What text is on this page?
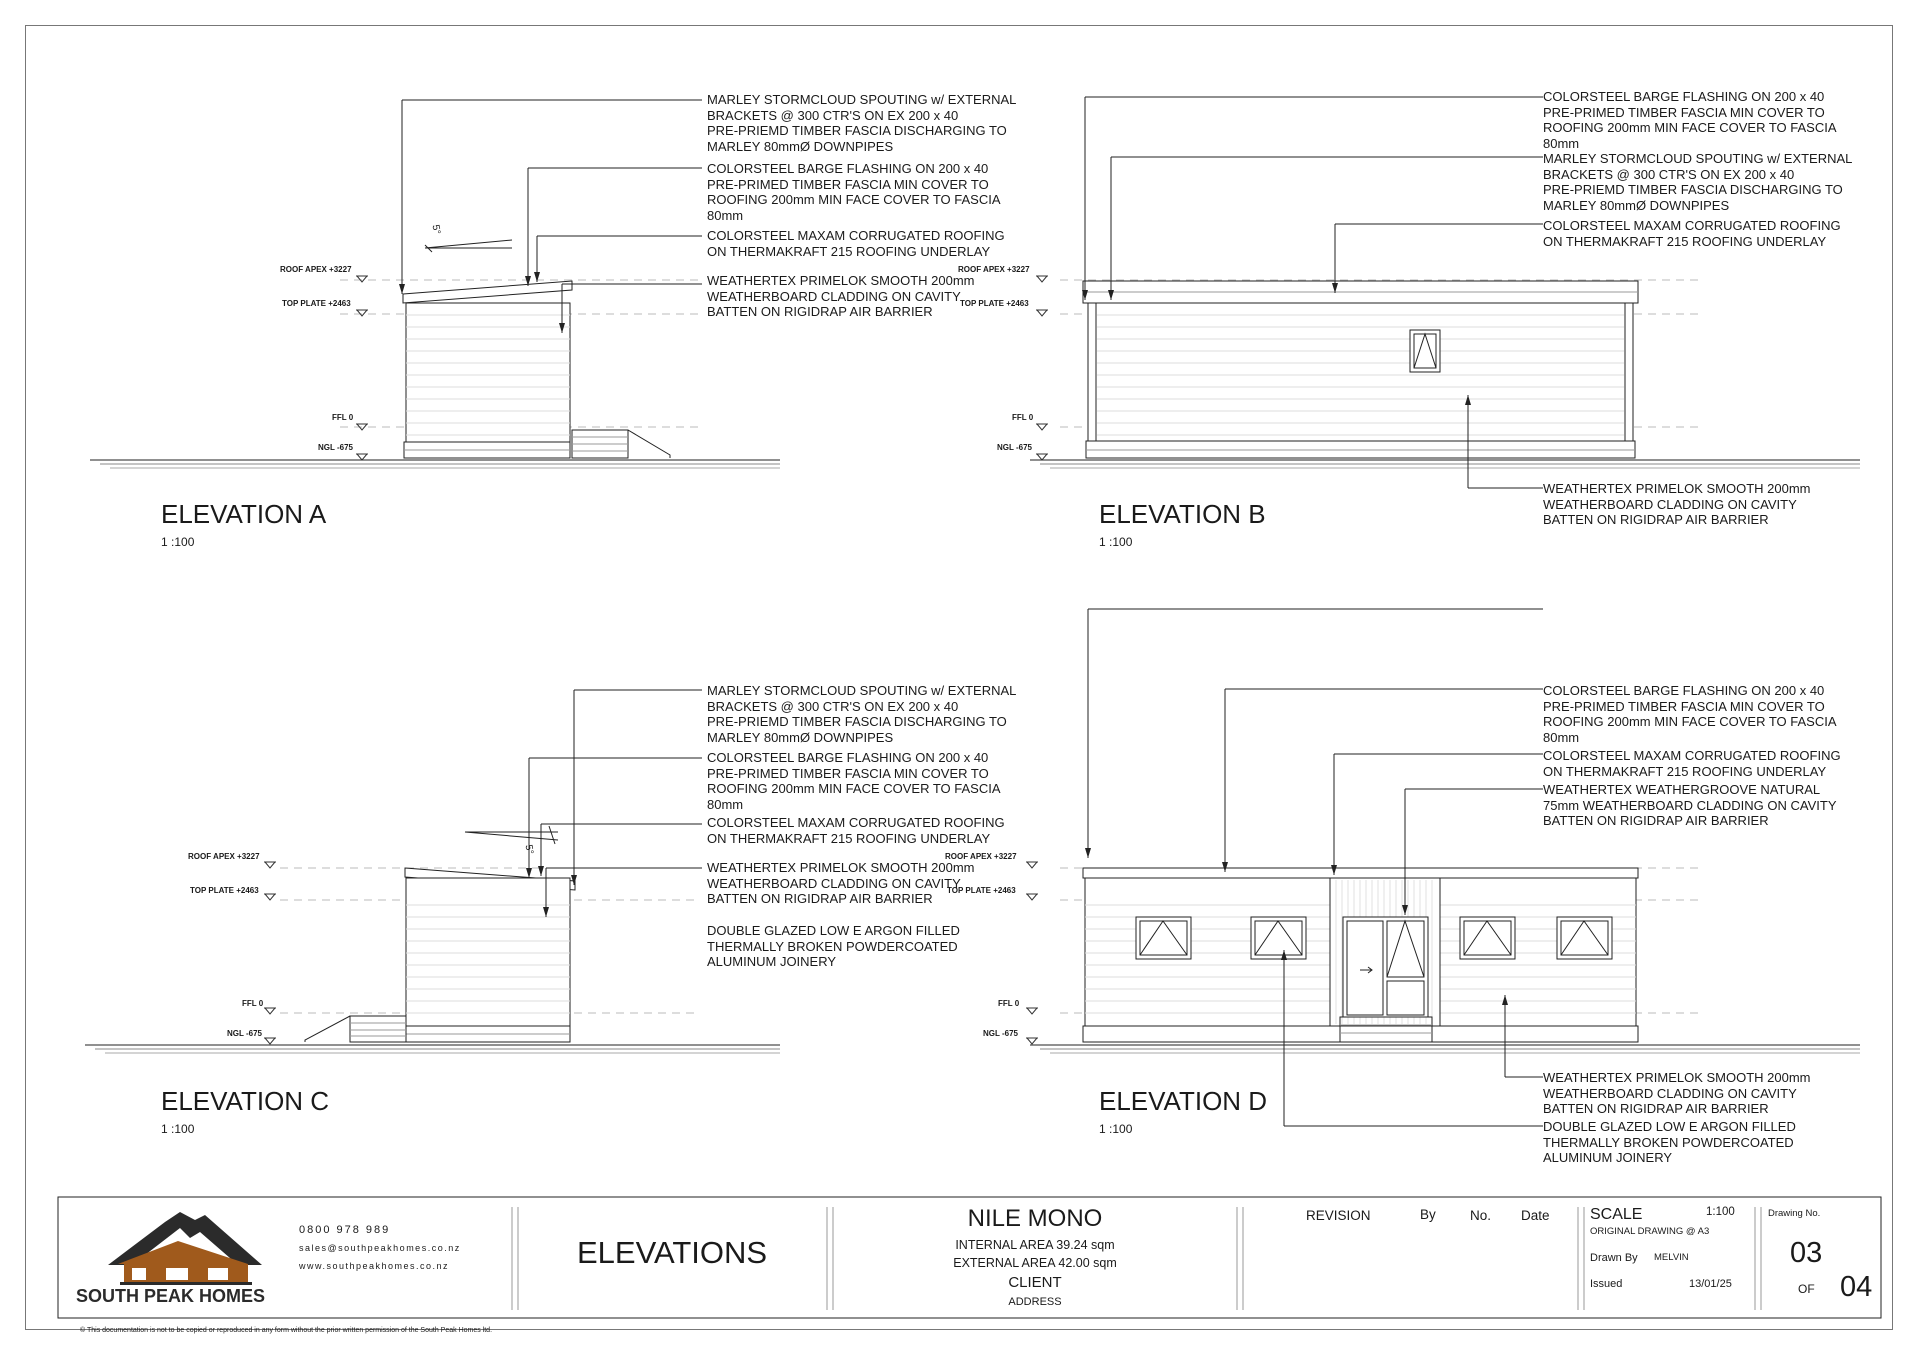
MARLEY STORMCLOUD SPOUTING w/ EXTERNAL
BRACKETS @ 300 CTR'S ON EX 200 x 40
PRE-PRIEMD TIMBER FASCIA DISCHARGING TO
MARLEY 80mmØ DOWNPIPES
COLORSTEEL BARGE FLASHING ON 200 x 40
PRE-PRIMED TIMBER FASCIA MIN COVER TO
ROOFING 200mm MIN FACE COVER TO FASCIA
80mm
COLORSTEEL MAXAM CORRUGATED ROOFING
ON THERMAKRAFT 215 ROOFING UNDERLAY
WEATHERTEX PRIMELOK SMOOTH 200mm
WEATHERBOARD CLADDING ON CAVITY
BATTEN ON RIGIDRAP AIR BARRIER
ROOF APEX +3227
TOP PLATE +2463
FFL 0
NGL -675
5°
ELEVATION A
1 :100
COLORSTEEL BARGE FLASHING ON 200 x 40
PRE-PRIMED TIMBER FASCIA MIN COVER TO
ROOFING 200mm MIN FACE COVER TO FASCIA
80mm
MARLEY STORMCLOUD SPOUTING w/ EXTERNAL
BRACKETS @ 300 CTR'S ON EX 200 x 40
PRE-PRIEMD TIMBER FASCIA DISCHARGING TO
MARLEY 80mmØ DOWNPIPES
COLORSTEEL MAXAM CORRUGATED ROOFING
ON THERMAKRAFT 215 ROOFING UNDERLAY
WEATHERTEX PRIMELOK SMOOTH 200mm
WEATHERBOARD CLADDING ON CAVITY
BATTEN ON RIGIDRAP AIR BARRIER
ROOF APEX +3227
TOP PLATE +2463
FFL 0
NGL -675
ELEVATION B
1 :100
MARLEY STORMCLOUD SPOUTING w/ EXTERNAL
BRACKETS @ 300 CTR'S ON EX 200 x 40
PRE-PRIEMD TIMBER FASCIA DISCHARGING TO
MARLEY 80mmØ DOWNPIPES
COLORSTEEL BARGE FLASHING ON 200 x 40
PRE-PRIMED TIMBER FASCIA MIN COVER TO
ROOFING 200mm MIN FACE COVER TO FASCIA
80mm
COLORSTEEL MAXAM CORRUGATED ROOFING
ON THERMAKRAFT 215 ROOFING UNDERLAY
WEATHERTEX PRIMELOK SMOOTH 200mm
WEATHERBOARD CLADDING ON CAVITY
BATTEN ON RIGIDRAP AIR BARRIER
DOUBLE GLAZED LOW E ARGON FILLED
THERMALLY BROKEN POWDERCOATED
ALUMINUM JOINERY
ROOF APEX +3227
TOP PLATE +2463
FFL 0
NGL -675
5°
ELEVATION C
1 :100
COLORSTEEL BARGE FLASHING ON 200 x 40
PRE-PRIMED TIMBER FASCIA MIN COVER TO
ROOFING 200mm MIN FACE COVER TO FASCIA
80mm
COLORSTEEL MAXAM CORRUGATED ROOFING
ON THERMAKRAFT 215 ROOFING UNDERLAY
WEATHERTEX WEATHERGROOVE NATURAL
75mm WEATHERBOARD CLADDING ON CAVITY
BATTEN ON RIGIDRAP AIR BARRIER
WEATHERTEX PRIMELOK SMOOTH 200mm
WEATHERBOARD CLADDING ON CAVITY
BATTEN ON RIGIDRAP AIR BARRIER
DOUBLE GLAZED LOW E ARGON FILLED
THERMALLY BROKEN POWDERCOATED
ALUMINUM JOINERY
ROOF APEX +3227
TOP PLATE +2463
FFL 0
NGL -675
ELEVATION D
1 :100
SOUTH PEAK HOMES
0800 978 989
sales@southpeakhomes.co.nz
www.southpeakhomes.co.nz	ELEVATIONS
NILE MONO
INTERNAL AREA 39.24 sqm
EXTERNAL AREA 42.00 sqm
CLIENT
ADDRESS
REVISION	By	No. Date	SCALE	1:100
ORIGINAL DRAWING @ A3
Drawn By MELVIN
Issued	13/01/25
Drawing No.
03
OF 04
© This documentation is not to be copied or reproduced in any form without the prior written permission of the South Peak Homes ltd.
